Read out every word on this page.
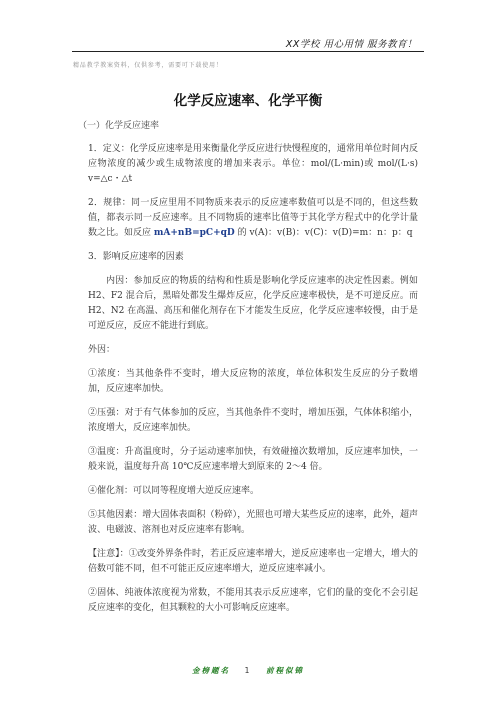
XX学校 用心用情 服务教育！
精品教学教案资料，仅供参考，需要可下载使用！
化学反应速率、化学平衡

（一）化学反应速率

1．定义：化学反应速率是用来衡量化学反应进行快慢程度的，通常用单位时间内反应物浓度的减少或生成物浓度的增加来表示。单位：mol/(L·min)或 mol/(L·s) v=△c・△t

2．规律：同一反应里用不同物质来表示的反应速率数值可以是不同的，但这些数值，都表示同一反应速率。且不同物质的速率比值等于其化学方程式中的化学计量数之比。如反应 mA+nB=pC+qD 的 v(A)：v(B)：v(C)：v(D)=m：n：p：q

3．影响反应速率的因素

内因：参加反应的物质的结构和性质是影响化学反应速率的决定性因素。例如 H2、F2 混合后，黑暗处都发生爆炸反应，化学反应速率极快，是不可逆反应。而 H2、N2 在高温、高压和催化剂存在下才能发生反应，化学反应速率较慢，由于是可逆反应，反应不能进行到底。

外因：

①浓度：当其他条件不变时，增大反应物的浓度，单位体积发生反应的分子数增加，反应速率加快。

②压强：对于有气体参加的反应，当其他条件不变时，增加压强，气体体积缩小，浓度增大，反应速率加快。

③温度：升高温度时，分子运动速率加快，有效碰撞次数增加，反应速率加快，一般来说，温度每升高 10℃反应速率增大到原来的 2～4 倍。

④催化剂：可以同等程度增大逆反应速率。

⑤其他因素：增大固体表面积（粉碎），光照也可增大某些反应的速率，此外，超声波、电磁波、溶剂也对反应速率有影响。

【注意】：①改变外界条件时，若正反应速率增大，逆反应速率也一定增大，增大的倍数可能不同，但不可能正反应速率增大，逆反应速率减小。

②固体、纯液体浓度视为常数，不能用其表示反应速率，它们的量的变化不会引起反应速率的变化，但其颗粒的大小可影响反应速率。

金榜题名 1 前程似锦
